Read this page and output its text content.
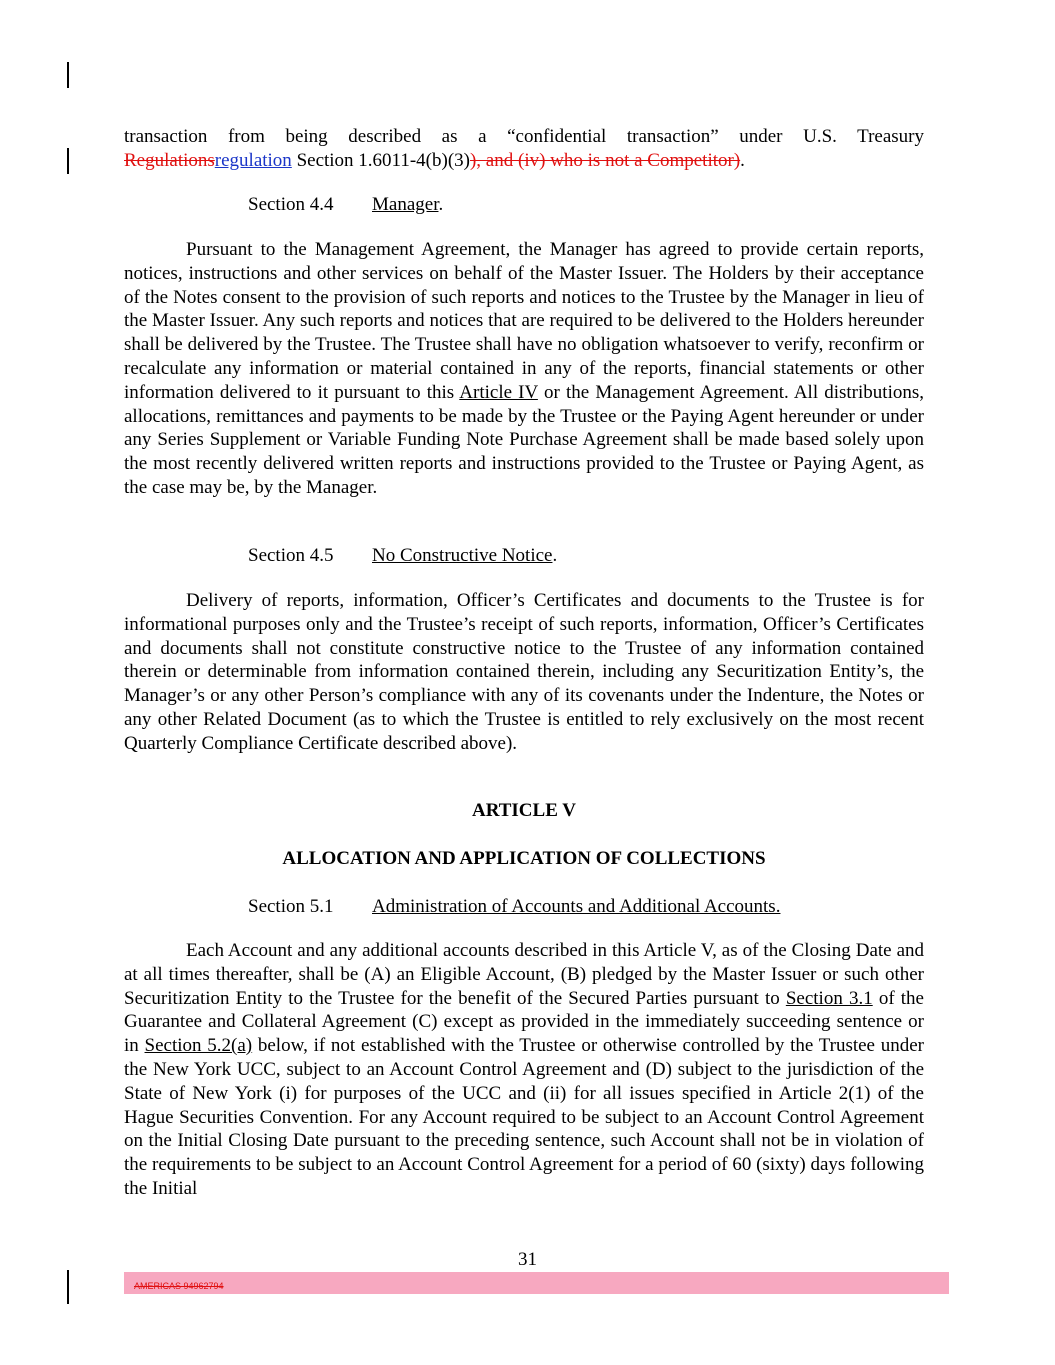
transaction from being described as a “confidential transaction” under U.S. Treasury Regulationsregulation Section 1.6011-4(b)(3)), and (iv) who is not a Competitor).

Section 4.4 Manager.

Pursuant to the Management Agreement, the Manager has agreed to provide certain reports, notices, instructions and other services on behalf of the Master Issuer. The Holders by their acceptance of the Notes consent to the provision of such reports and notices to the Trustee by the Manager in lieu of the Master Issuer. Any such reports and notices that are required to be delivered to the Holders hereunder shall be delivered by the Trustee. The Trustee shall have no obligation whatsoever to verify, reconfirm or recalculate any information or material contained in any of the reports, financial statements or other information delivered to it pursuant to this Article IV or the Management Agreement. All distributions, allocations, remittances and payments to be made by the Trustee or the Paying Agent hereunder or under any Series Supplement or Variable Funding Note Purchase Agreement shall be made based solely upon the most recently delivered written reports and instructions provided to the Trustee or Paying Agent, as the case may be, by the Manager.

Section 4.5 No Constructive Notice.

Delivery of reports, information, Officer’s Certificates and documents to the Trustee is for informational purposes only and the Trustee’s receipt of such reports, information, Officer’s Certificates and documents shall not constitute constructive notice to the Trustee of any information contained therein or determinable from information contained therein, including any Securitization Entity’s, the Manager’s or any other Person’s compliance with any of its covenants under the Indenture, the Notes or any other Related Document (as to which the Trustee is entitled to rely exclusively on the most recent Quarterly Compliance Certificate described above).

ARTICLE V
ALLOCATION AND APPLICATION OF COLLECTIONS
Section 5.1 Administration of Accounts and Additional Accounts.

Each Account and any additional accounts described in this Article V, as of the Closing Date and at all times thereafter, shall be (A) an Eligible Account, (B) pledged by the Master Issuer or such other Securitization Entity to the Trustee for the benefit of the Secured Parties pursuant to Section 3.1 of the Guarantee and Collateral Agreement (C) except as provided in the immediately succeeding sentence or in Section 5.2(a) below, if not established with the Trustee or otherwise controlled by the Trustee under the New York UCC, subject to an Account Control Agreement and (D) subject to the jurisdiction of the State of New York (i) for purposes of the UCC and (ii) for all issues specified in Article 2(1) of the Hague Securities Convention. For any Account required to be subject to an Account Control Agreement on the Initial Closing Date pursuant to the preceding sentence, such Account shall not be in violation of the requirements to be subject to an Account Control Agreement for a period of 60 (sixty) days following the Initial

31
AMERICAS 94962794
